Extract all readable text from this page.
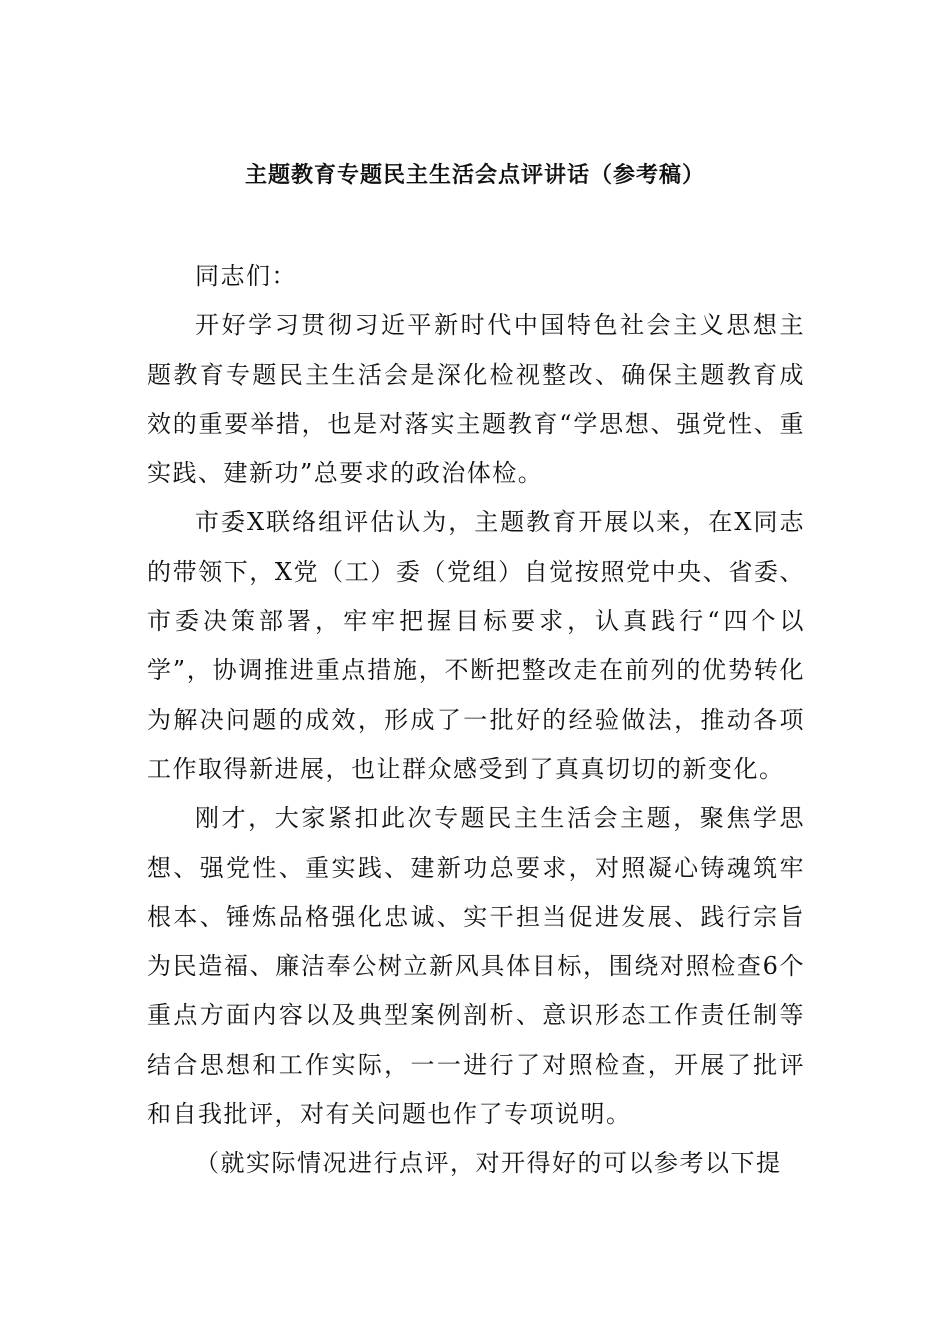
主题教育专题民主生活会点评讲话（参考稿）

同志们：

开好学习贯彻习近平新时代中国特色社会主义思想主题教育专题民主生活会是深化检视整改、确保主题教育成效的重要举措，也是对落实主题教育“学思想、强党性、重实践、建新功”总要求的政治体检。

市委X联络组评估认为，主题教育开展以来，在X同志的带领下，X党（工）委（党组）自觉按照党中央、省委、市委决策部署，牢牢把握目标要求，认真践行“四个以学”，协调推进重点措施，不断把整改走在前列的优势转化为解决问题的成效，形成了一批好的经验做法，推动各项工作取得新进展，也让群众感受到了真真切切的新变化。

刚才，大家紧扣此次专题民主生活会主题，聚焦学思想、强党性、重实践、建新功总要求，对照凝心铸魂筑牢根本、锤炼品格强化忠诚、实干担当促进发展、践行宗旨为民造福、廉洁奉公树立新风具体目标，围绕对照检查6个重点方面内容以及典型案例剖析、意识形态工作责任制等结合思想和工作实际，一一进行了对照检查，开展了批评和自我批评，对有关问题也作了专项说明。

（就实际情况进行点评，对开得好的可以参考以下提
